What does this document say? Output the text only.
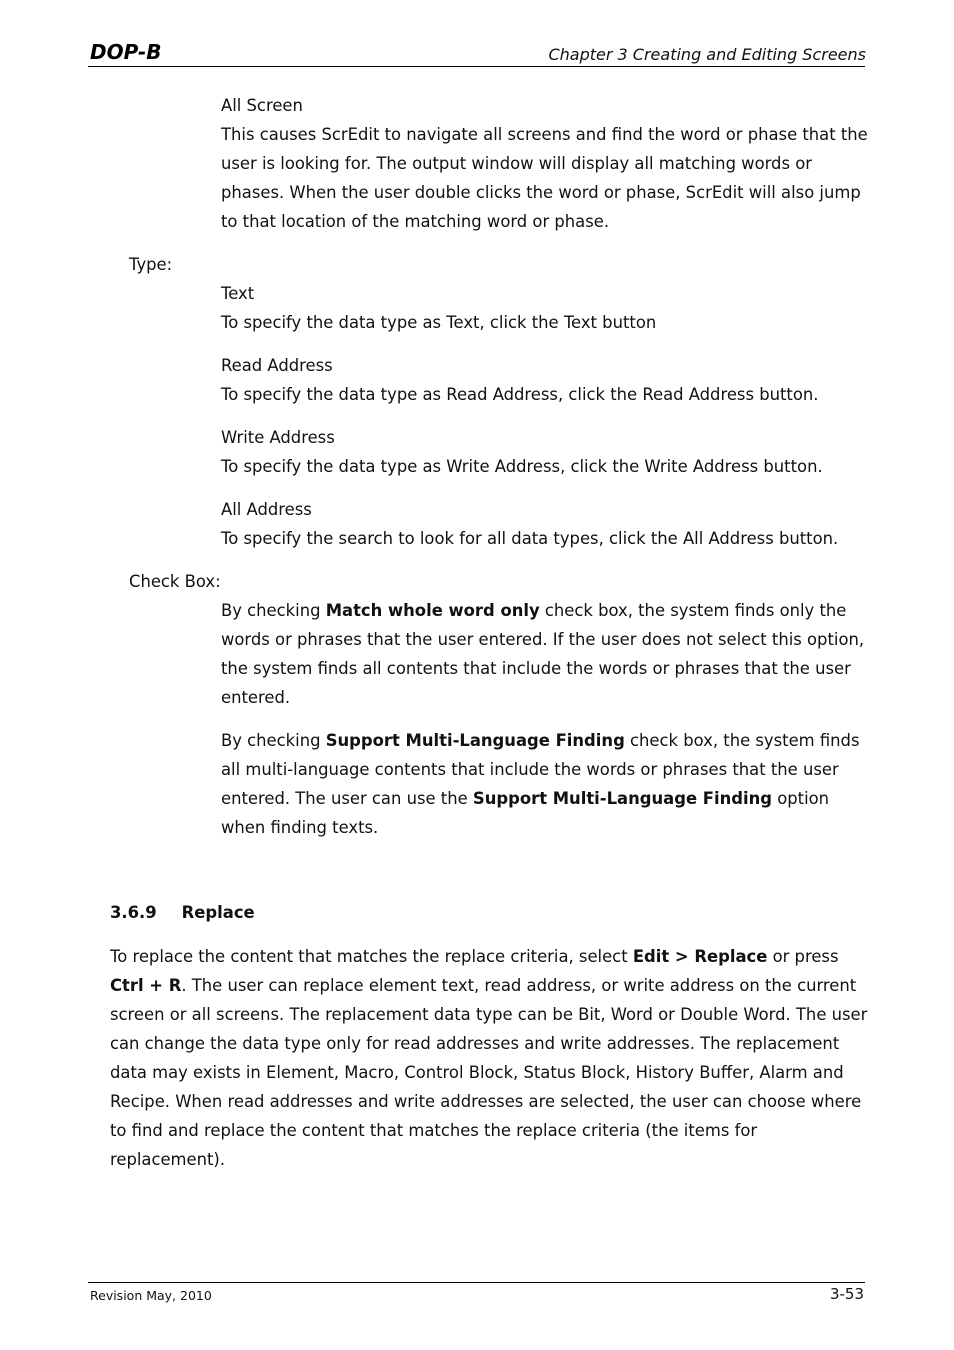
DOP-B	Chapter 3 Creating and Editing Screens

All Screen

This causes ScrEdit to navigate all screens and find the word or phase that the user is looking for. The output window will display all matching words or phases. When the user double clicks the word or phase, ScrEdit will also jump to that location of the matching word or phase.

Type:

Text

To specify the data type as Text, click the Text button

Read Address

To specify the data type as Read Address, click the Read Address button.

Write Address

To specify the data type as Write Address, click the Write Address button.

All Address

To specify the search to look for all data types, click the All Address button.

Check Box:

By checking Match whole word only check box, the system finds only the words or phrases that the user entered. If the user does not select this option, the system finds all contents that include the words or phrases that the user entered.

By checking Support Multi-Language Finding check box, the system finds all multi-language contents that include the words or phrases that the user entered. The user can use the Support Multi-Language Finding option when finding texts.

3.6.9 Replace

To replace the content that matches the replace criteria, select Edit > Replace or press Ctrl + R. The user can replace element text, read address, or write address on the current screen or all screens. The replacement data type can be Bit, Word or Double Word. The user can change the data type only for read addresses and write addresses. The replacement data may exists in Element, Macro, Control Block, Status Block, History Buffer, Alarm and Recipe. When read addresses and write addresses are selected, the user can choose where to find and replace the content that matches the replace criteria (the items for replacement).

Revision May, 2010	3-53
